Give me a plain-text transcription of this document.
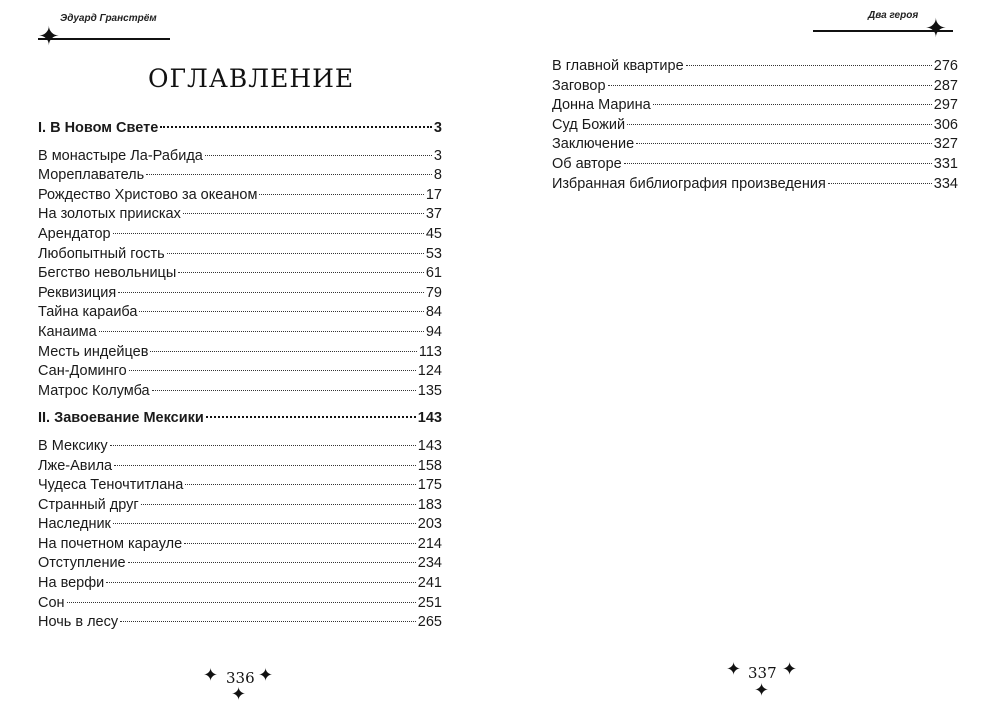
Эдуард Гранстрём
✦
ОГЛАВЛЕНИЕ
I. В Новом Свете	3
В монастыре Ла-Рабида	3
Мореплаватель	8
Рождество Христово за океаном	17
На золотых приисках	37
Арендатор	45
Любопытный гость	53
Бегство невольницы	61
Реквизиция	79
Тайна караиба	84
Канаима	94
Месть индейцев	113
Сан-Доминго	124
Матрос Колумба	135
II. Завоевание Мексики	143
В Мексику	143
Лже-Авила	158
Чудеса Теночтитлана	175
Странный друг	183
Наследник	203
На почетном карауле	214
Отступление	234
На верфи	241
Сон	251
Ночь в лесу	265
✦ 336 ✦
✦
Два героя ✦
В главной квартире	276
Заговор	287
Донна Марина	297
Суд Божий	306
Заключение	327
Об авторе	331
Избранная библиография произведения	334
✦ 337 ✦
✦
